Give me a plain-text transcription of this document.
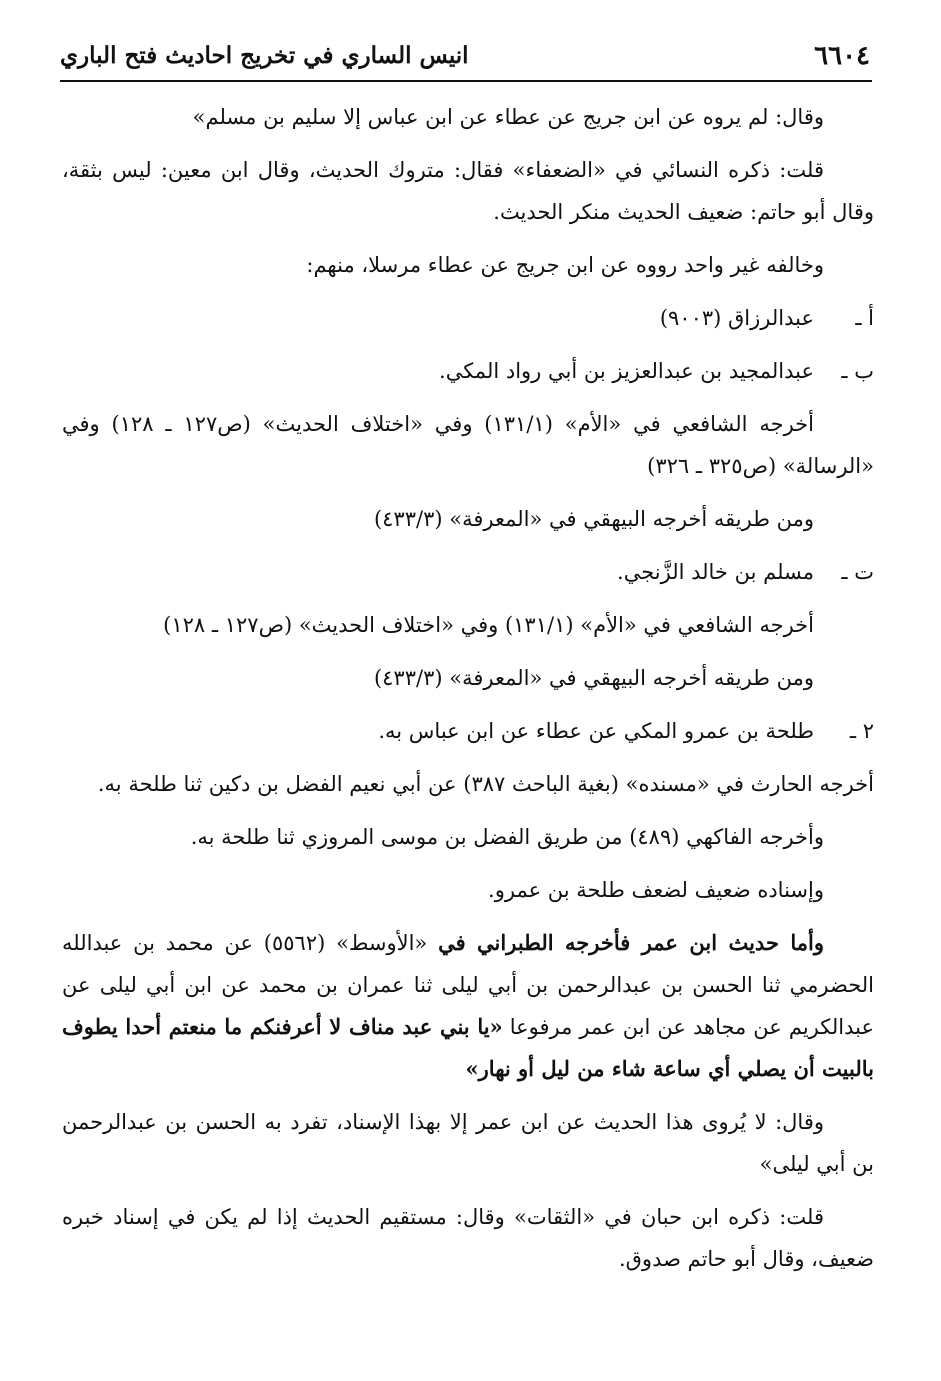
٦٦٠٤
انيس الساري في تخريج احاديث فتح الباري

وقال: لم يروه عن ابن جريج عن عطاء عن ابن عباس إلا سليم بن مسلم»

قلت: ذكره النسائي في «الضعفاء» فقال: متروك الحديث، وقال ابن معين: ليس بثقة، وقال أبو حاتم: ضعيف الحديث منكر الحديث.

وخالفه غير واحد رووه عن ابن جريج عن عطاء مرسلا، منهم:

أ ـ
عبدالرزاق (٩٠٠٣)
ب ـ
عبدالمجيد بن عبدالعزيز بن أبي رواد المكي.

أخرجه الشافعي في «الأم» (١٣١/١) وفي «اختلاف الحديث» (ص١٢٧ ـ ١٢٨) وفي «الرسالة» (ص٣٢٥ ـ ٣٢٦)

ومن طريقه أخرجه البيهقي في «المعرفة» (٤٣٣/٣)

ت ـ
مسلم بن خالد الزَّنجي.

أخرجه الشافعي في «الأم» (١٣١/١) وفي «اختلاف الحديث» (ص١٢٧ ـ ١٢٨)

ومن طريقه أخرجه البيهقي في «المعرفة» (٤٣٣/٣)

٢ ـ
طلحة بن عمرو المكي عن عطاء عن ابن عباس به.

أخرجه الحارث في «مسنده» (بغية الباحث ٣٨٧) عن أبي نعيم الفضل بن دكين ثنا طلحة به.

وأخرجه الفاكهي (٤٨٩) من طريق الفضل بن موسى المروزي ثنا طلحة به.

وإسناده ضعيف لضعف طلحة بن عمرو.

وأما حديث ابن عمر فأخرجه الطبراني في «الأوسط» (٥٥٦٢) عن محمد بن عبدالله الحضرمي ثنا الحسن بن عبدالرحمن بن أبي ليلى ثنا عمران بن محمد عن ابن أبي ليلى عن عبدالكريم عن مجاهد عن ابن عمر مرفوعا «يا بني عبد مناف لا أعرفنكم ما منعتم أحدا يطوف بالبيت أن يصلي أي ساعة شاء من ليل أو نهار»

وقال: لا يُروى هذا الحديث عن ابن عمر إلا بهذا الإسناد، تفرد به الحسن بن عبدالرحمن بن أبي ليلى»

قلت: ذكره ابن حبان في «الثقات» وقال: مستقيم الحديث إذا لم يكن في إسناد خبره ضعيف، وقال أبو حاتم صدوق.
